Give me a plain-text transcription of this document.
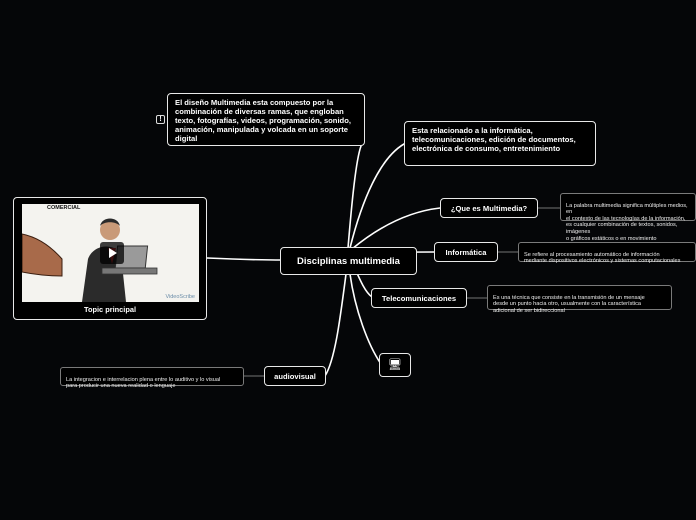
COMERCIAL
VideoScribe
Topic principal
Disciplinas multimedia
!
El diseño Multimedia esta compuesto por la combinación de diversas ramas, que engloban texto, fotografías, videos, programación, sonido, animación, manipulada y volcada en un soporte digital
Esta relacionado a la informática, telecomunicaciones, edición de documentos, electrónica de consumo, entretenimiento
¿Que es Multimedia?	La palabra multimedia significa múltiples medios, en
el contexto de las tecnologías de la información,
es cualquier combinación de textos, sonidos, imágenes
o gráficos estáticos o en movimiento

Informática	Se refiere al procesamiento automático de información
mediante dispositivos electrónicos y sistemas computacionales

Telecomunicaciones	Es una técnica que consiste en la transmisión de un mensaje
desde un punto hacia otro, usualmente con la característica
adicional de ser bidireccional

🖥
audiovisual

La integracion e interrelacion plena entre lo auditivo y lo visual
para producir una nueva realidad o lenguaje
